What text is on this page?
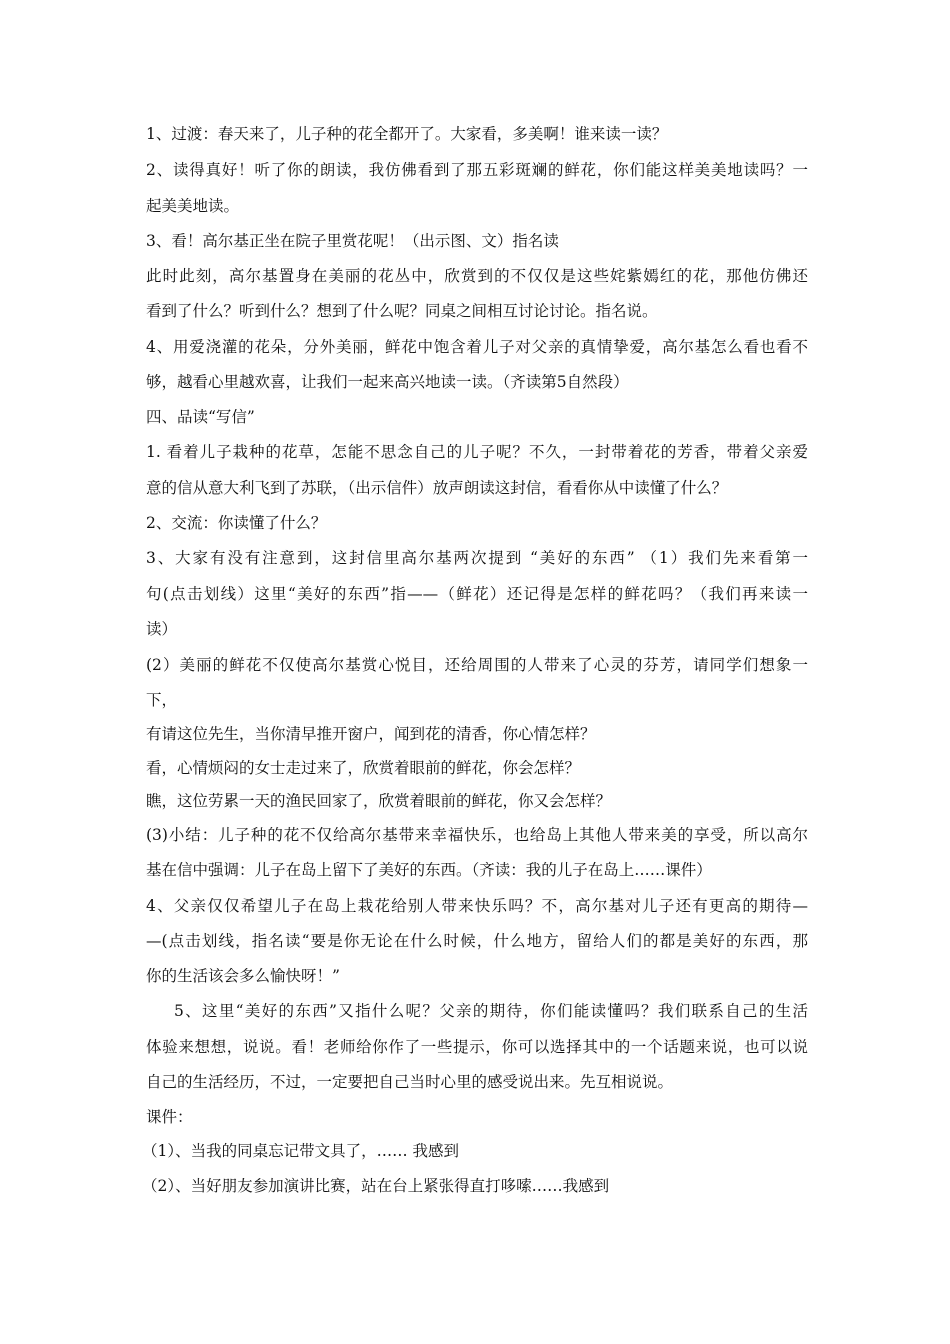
1、过渡：春天来了，儿子种的花全都开了。大家看，多美啊！谁来读一读？
2、读得真好！听了你的朗读，我仿佛看到了那五彩斑斓的鲜花，你们能这样美美地读吗？一
起美美地读。
3、看！高尔基正坐在院子里赏花呢！（出示图、文）指名读
此时此刻，高尔基置身在美丽的花丛中，欣赏到的不仅仅是这些姹紫嫣红的花，那他仿佛还
看到了什么？听到什么？想到了什么呢？同桌之间相互讨论讨论。指名说。
4、用爱浇灌的花朵，分外美丽，鲜花中饱含着儿子对父亲的真情挚爱，高尔基怎么看也看不
够，越看心里越欢喜，让我们一起来高兴地读一读。（齐读第5自然段）
四、品读“写信”
1. 看着儿子栽种的花草，怎能不思念自己的儿子呢？不久，一封带着花的芳香，带着父亲爱
意的信从意大利飞到了苏联，（出示信件）放声朗读这封信，看看你从中读懂了什么？
2、交流：你读懂了什么？
3、大家有没有注意到，这封信里高尔基两次提到 “美好的东西” （1）我们先来看第一
句(点击划线）这里“美好的东西”指——（鲜花）还记得是怎样的鲜花吗？（我们再来读一
读）
(2）美丽的鲜花不仅使高尔基赏心悦目，还给周围的人带来了心灵的芬芳，请同学们想象一
下，
有请这位先生，当你清早推开窗户，闻到花的清香，你心情怎样？
看，心情烦闷的女士走过来了，欣赏着眼前的鲜花，你会怎样？
瞧，这位劳累一天的渔民回家了，欣赏着眼前的鲜花，你又会怎样？
(3)小结：儿子种的花不仅给高尔基带来幸福快乐，也给岛上其他人带来美的享受，所以高尔
基在信中强调：儿子在岛上留下了美好的东西。（齐读：我的儿子在岛上……课件）
4、父亲仅仅希望儿子在岛上栽花给别人带来快乐吗？不，高尔基对儿子还有更高的期待—
—(点击划线，指名读“要是你无论在什么时候，什么地方，留给人们的都是美好的东西，那
你的生活该会多么愉快呀！”
5、这里“美好的东西”又指什么呢？父亲的期待，你们能读懂吗？我们联系自己的生活
体验来想想，说说。看！老师给你作了一些提示，你可以选择其中的一个话题来说，也可以说
自己的生活经历，不过，一定要把自己当时心里的感受说出来。先互相说说。
课件：
（1）、当我的同桌忘记带文具了，…… 我感到
（2）、当好朋友参加演讲比赛，站在台上紧张得直打哆嗦……我感到
